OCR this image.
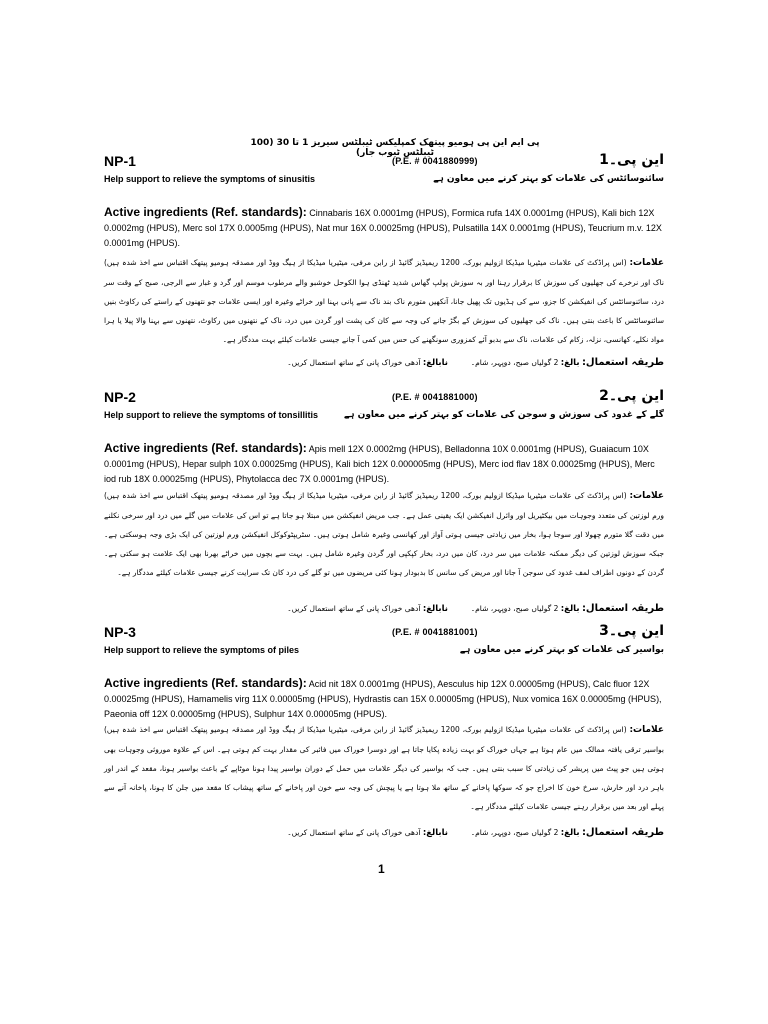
پی ایم این پی ہومیو پیتھک کمپلیکس ٹیبلٹس سیریز 1 تا 30 (100 ٹیبلٹس ٹیوب جار)
NP-1	(P.E. # 0041880999)	این پی۔1
Help support to relieve the symptoms of sinusitis	سائنوسائٹس کی علامات کو بہتر کرنے میں معاون ہے
Active ingredients (Ref. standards): Cinnabaris 16X 0.0001mg (HPUS), Formica rufa 14X 0.0001mg (HPUS), Kali bich 12X 0.0002mg (HPUS), Merc sol 17X 0.0005mg (HPUS), Nat mur 16X 0.00025mg (HPUS), Pulsatilla 14X 0.0001mg (HPUS), Teucrium m.v. 12X 0.0001mg (HPUS).
علامات: (اس پراڈکٹ کی علامات میٹیریا میڈیکا ازولیم بورک، 1200 ریمیڈیز گائیڈ از رابن مرفی، میٹیریا میڈیکا از ہیگ ووڈ اور مصدقہ ہومیو پیتھک اقتباس سے اخذ شدہ ہیں) ناک اور نرخرے کی جھلیوں کی سوزش کا برقرار رہنا اور بہ سوزش پولپ گھاس شدید ٹھنڈی ہوا الکوحل خوشبو والے مرطوب موسم اور گرد و غبار سے الرجی، صبح کے وقت سر درد، سائنوسائٹس کی انفیکشن کا جزو، سے کی ہڈیوں تک پھیل جانا، آنکھیں متورم ناک بند ناک سے پانی بہنا اور خراٹے وغیرہ اور ایسی علامات جو نتھنوں کے راستے کی رکاوٹ بنیں سائنوسائٹس کا باعث بنتی ہیں۔ ناک کی جھلیوں کی سوزش کے بگڑ جانے کی وجہ سے کان کی پشت اور گردن میں درد، ناک کے نتھنوں میں رکاوٹ، نتھنوں سے بہنا والا پیلا یا ہرا مواد نکلے، کھانسی، نزلہ، زکام کی علامات، ناک سے بدبو آئے کمزوری سونگھنے کی حس میں کمی آ جانے جیسی علامات کیلئے بہت مددگار ہے۔
طریقہ استعمال: بالغ: 2 گولیاں صبح، دوپہر، شام۔  نابالغ: آدھی خوراک پانی کے ساتھ استعمال کریں۔
NP-2	(P.E. # 0041881000)	این پی۔2
Help support to relieve the symptoms of tonsillitis	گلے کے غدود کی سوزش و سوجن کی علامات کو بہتر کرنے میں معاون ہے
Active ingredients (Ref. standards): Apis mell 12X 0.0002mg (HPUS), Belladonna 10X 0.0001mg (HPUS), Guaiacum 10X 0.0001mg (HPUS), Hepar sulph 10X 0.00025mg (HPUS), Kali bich 12X 0.000005mg (HPUS), Merc iod flav 18X 0.00025mg (HPUS), Merc iod rub 18X 0.00025mg (HPUS), Phytolacca dec 7X 0.0001mg (HPUS).
علامات: (اس پراڈکٹ کی علامات میٹیریا میڈیکا ازولیم بورک، 1200 ریمیڈیز گائیڈ از رابن مرفی، میٹیریا میڈیکا از ہیگ ووڈ اور مصدقہ ہومیو پیتھک اقتباس سے اخذ شدہ ہیں) ورم لوزتین کی متعدد وجوہات میں بیکٹیریل اور وائرل انفیکشن ایک یقینی عمل ہے۔ جب مریض انفیکشن میں مبتلا ہو جاتا ہے تو اس کی علامات میں گلے میں درد اور سرخی نکلنے میں دقت گلا متورم چھولا اور سوجا ہوا، بخار میں زیادتی جیسی ہوتی آواز اور کھانسی وغیرہ شامل ہوتی ہیں۔ سٹریپٹوکوکل انفیکشن ورم لوزتین کی ایک بڑی وجہ ہوسکتی ہے۔ جبکہ سوزش لوزتین کی دیگر ممکنہ علامات میں سر درد، کان میں درد، بخار کپکپی اور گردن وغیرہ شامل ہیں۔ بہت سے بچوں میں خراٹے بھرنا بھی ایک علامت ہو سکتی ہے۔ گردن کے دونوں اطراف لمف غدود کی سوجن آ جانا اور مریض کی سانس کا بدبودار ہونا کئی مریضوں میں تو گلے کی درد کان تک سرایت کرنے جیسی علامات کیلئے مددگار ہے۔
طریقہ استعمال: بالغ: 2 گولیاں صبح، دوپہر، شام۔  نابالغ: آدھی خوراک پانی کے ساتھ استعمال کریں۔
NP-3	(P.E. # 0041881001)	این پی۔3
Help support to relieve the symptoms of piles	بواسیر کی علامات کو بہتر کرنے میں معاون ہے
Active ingredients (Ref. standards): Acid nit 18X 0.0001mg (HPUS), Aesculus hip 12X 0.00005mg (HPUS), Calc fluor 12X 0.00025mg (HPUS), Hamamelis virg 11X 0.00005mg (HPUS), Hydrastis can 15X 0.00005mg (HPUS), Nux vomica 16X 0.00005mg (HPUS), Paeonia off 12X 0.00005mg (HPUS), Sulphur 14X 0.00005mg (HPUS).
علامات: (اس پراڈکٹ کی علامات میٹیریا میڈیکا ازولیم بورک، 1200 ریمیڈیز گائیڈ از رابن مرفی، میٹیریا میڈیکا از ہیگ ووڈ اور مصدقہ ہومیو پیتھک اقتباس سے اخذ شدہ ہیں) بواسیر ترقی یافتہ ممالک میں عام ہوتا ہے جہاں خوراک کو بہت زیادہ پکایا جاتا ہے اور دوسرا خوراک میں فائبر کی مقدار بہت کم ہوتی ہے۔ اس کے علاوہ موروثی وجوہات بھی ہوتی ہیں جو پیٹ میں پریشر کی زیادتی کا سبب بنتی ہیں۔ جب کہ بواسیر کی دیگر علامات میں حمل کے دوران بواسیر پیدا ہونا موٹاپے کے باعث بواسیر ہونا، مقعد کے اندر اور باہر درد اور خارش، سرخ خون کا اخراج جو کہ سوکھا پاخانے کے ساتھ ملا ہوتا ہے یا پیچش کی وجہ سے خون اور پاخانے کے ساتھ پیشاب کا مقعد میں جلن کا ہونا، پاخانہ آنے سے پہلے اور بعد میں برقرار رہنے جیسی علامات کیلئے مددگار ہے۔
طریقہ استعمال: بالغ: 2 گولیاں صبح، دوپہر، شام۔  نابالغ: آدھی خوراک پانی کے ساتھ استعمال کریں۔
1
